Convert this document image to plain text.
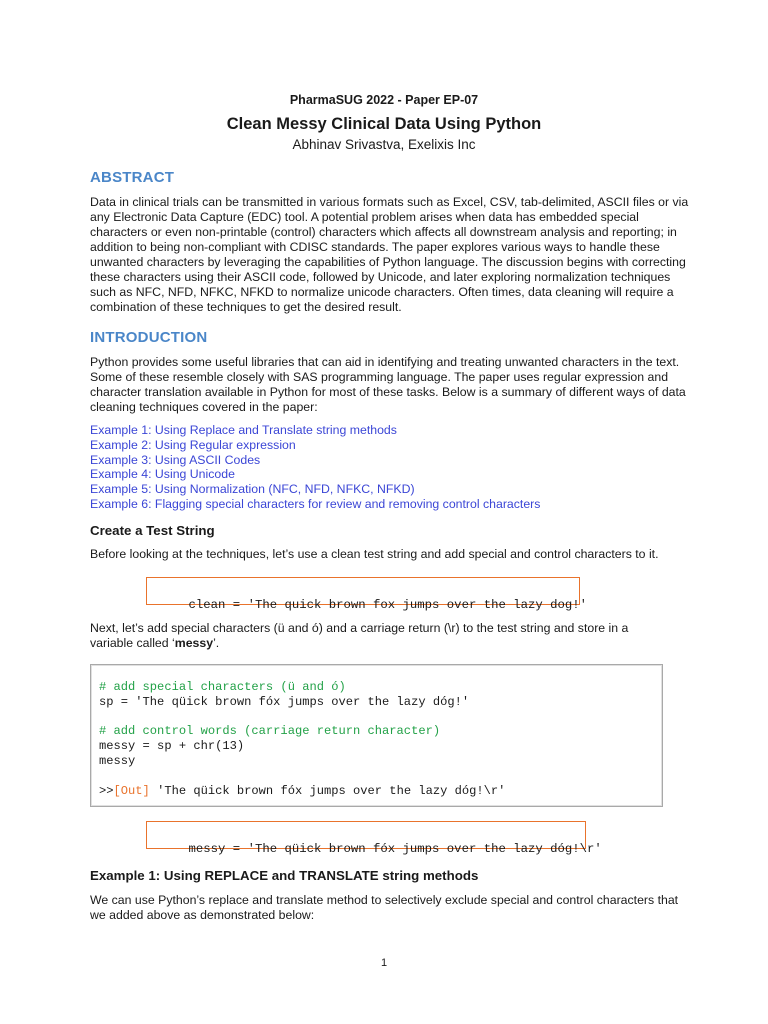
PharmaSUG 2022 - Paper EP-07
Clean Messy Clinical Data Using Python
Abhinav Srivastva, Exelixis Inc
ABSTRACT

Data in clinical trials can be transmitted in various formats such as Excel, CSV, tab-delimited, ASCII files or via any Electronic Data Capture (EDC) tool. A potential problem arises when data has embedded special characters or even non-printable (control) characters which affects all downstream analysis and reporting; in addition to being non-compliant with CDISC standards. The paper explores various ways to handle these unwanted characters by leveraging the capabilities of Python language. The discussion begins with correcting these characters using their ASCII code, followed by Unicode, and later exploring normalization techniques such as NFC, NFD, NFKC, NFKD to normalize unicode characters. Often times, data cleaning will require a combination of these techniques to get the desired result.

INTRODUCTION

Python provides some useful libraries that can aid in identifying and treating unwanted characters in the text. Some of these resemble closely with SAS programming language. The paper uses regular expression and character translation available in Python for most of these tasks. Below is a summary of different ways of data cleaning techniques covered in the paper:

Example 1: Using Replace and Translate string methods
Example 2: Using Regular expression
Example 3: Using ASCII Codes
Example 4: Using Unicode
Example 5: Using Normalization (NFC, NFD, NFKC, NFKD)
Example 6: Flagging special characters for review and removing control characters
Create a Test String

Before looking at the techniques, let’s use a clean test string and add special and control characters to it.

clean = 'The quick brown fox jumps over the lazy dog!'

Next, let’s add special characters (ü and ó) and a carriage return (\r) to the test string and store in a variable called ‘messy’.

# add special characters (ü and ó)
sp = 'The qüick brown fóx jumps over the lazy dóg!'
# add control words (carriage return character)
messy = sp + chr(13)
messy
>>[Out] 'The qüick brown fóx jumps over the lazy dóg!\r'

messy = 'The qüick brown fóx jumps over the lazy dóg!\r'

Example 1: Using REPLACE and TRANSLATE string methods

We can use Python’s replace and translate method to selectively exclude special and control characters that we added above as demonstrated below:

1
